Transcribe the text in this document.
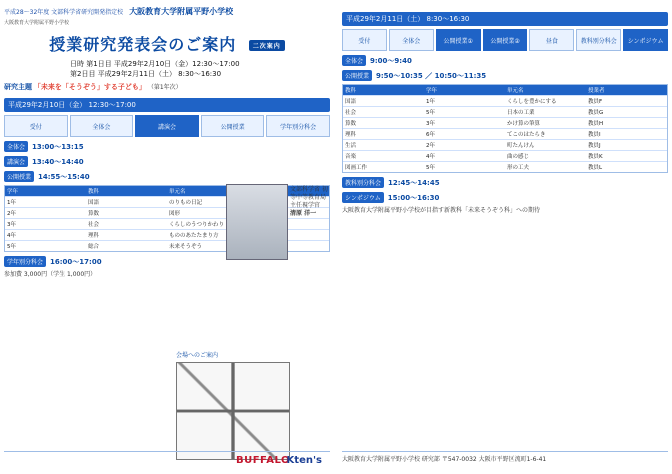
平成28〜32年度 文部科学省研究開発指定校 大阪教育大学附属平野小学校
大阪教育大学附属平野小学校
授業研究発表会のご案内	二次案内
日時 第1日目 平成29年2月10日（金）12:30〜17:00
第2日目 平成29年2月11日（土） 8:30〜16:30
研究主題 「未来を「そうぞう」する子ども」 （第1年次）
平成29年2月10日（金） 12:30〜17:00
受付	全体会	講演会	公開授業	学年別分科会
全体会	13:00〜13:15
講演会	13:40〜14:40
公開授業	14:55〜15:40
学年	教科	単元名
1年	国語	のりもの日記
2年	算数	図形
3年	社会	くらしのうつりかわり
4年	理科	もののあたたまり方
5年	総合	未来そうぞう
学年別分科会	16:00〜17:00
参加費 3,000円（学生 1,000円）
文部科学省 初等中等教育局 主任視学官
清原 洋一
会場へのご案内
BUFFALO
Kten's
平成29年2月11日（土） 8:30〜16:30
受付	全体会	公開授業①	公開授業②	昼食	教科別分科会	シンポジウム
全体会	9:00〜9:40
公開授業	9:50〜10:35 ／ 10:50〜11:35
教科	学年	単元名	授業者
国語	1年	くらしを豊かにする	教員F
社会	5年	日本の工業	教員G
算数	3年	かけ算の筆算	教員H
理科	6年	てこのはたらき	教員I
生活	2年	町たんけん	教員J
音楽	4年	曲の感じ	教員K
図画工作	5年	形の工夫	教員L
教科別分科会	12:45〜14:45
シンポジウム	15:00〜16:30
大阪教育大学附属平野小学校が目指す新教科「未来そうぞう科」への期待
大阪教育大学附属平野小学校 研究部 〒547-0032 大阪市平野区流町1-6-41
